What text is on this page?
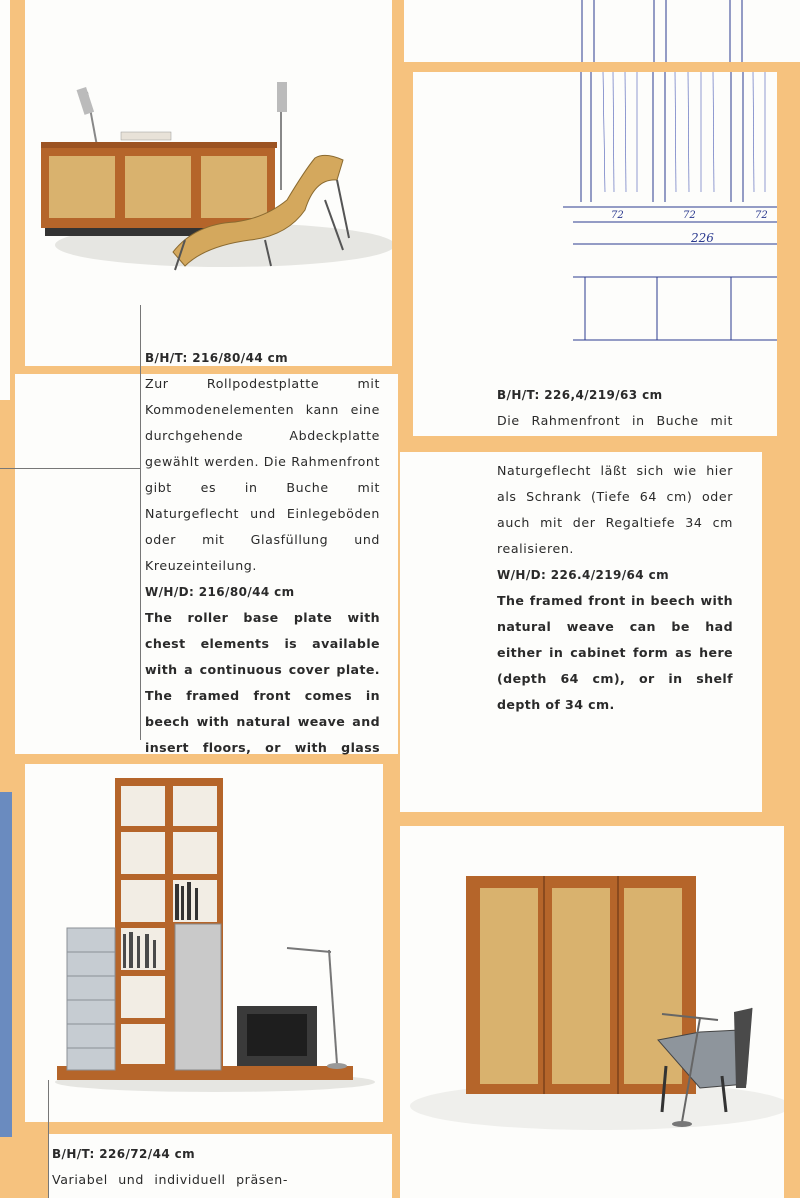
B/H/T: 216/80/44 cm

Zur Rollpodestplatte mit Kommodenelementen kann eine durchgehende Abdeckplatte gewählt werden. Die Rahmenfront gibt es in Buche mit Naturgeflecht und Einlegeböden oder mit Glasfüllung und Kreuzeinteilung.

W/H/D: 216/80/44 cm

The roller base plate with chest elements is available with a continuous cover plate. The framed front comes in beech with natural weave and insert floors, or with glass

72	72	72
226

B/H/T: 226,4/219/63 cm

Die Rahmenfront in Buche mit

Naturgeflecht läßt sich wie hier als Schrank (Tiefe 64 cm) oder auch mit der Regaltiefe 34 cm realisieren.

W/H/D: 226.4/219/64 cm

The framed front in beech with natural weave can be had either in cabinet form as here (depth 64 cm), or in shelf depth of 34 cm.

B/H/T: 226/72/44 cm

Variabel und individuell präsen-
